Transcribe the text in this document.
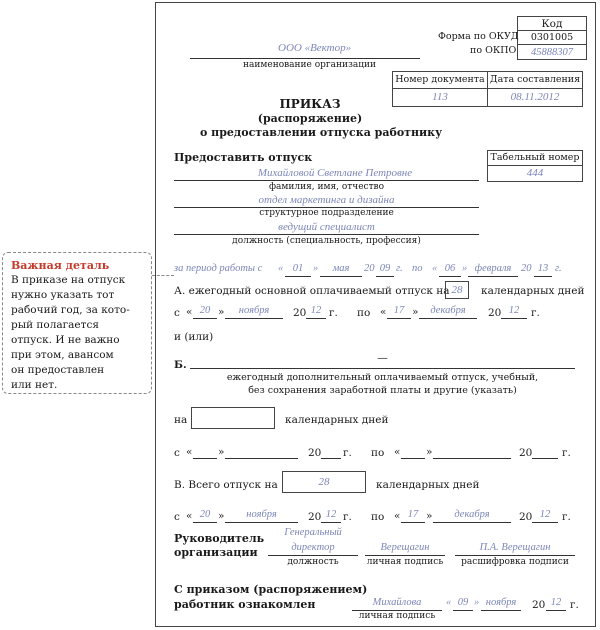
Важная деталь
В приказе на отпуск
нужно указать тот
рабочий год, за кото-
рый полагается
отпуск. И не важно
при этом, авансом
он предоставлен
или нет.
Код
0301005
45888307
Форма по ОКУД
по ОКПО
ООО «Вектор»
наименование организации
Номер документа Дата составления
113	08.11.2012
ПРИКАЗ
(распоряжение)
о предоставлении отпуска работнику
Предоставить отпуск	Табельный номер
444
Михайловой Светлане Петровне
фамилия, имя, отчество
отдел маркетинга и дизайна
структурное подразделение
ведущий специалист
должность (специальность, профессия)
за период работы с « 01 »	мая	20 09 г. по « 06 » февраля 20 13 г.
А. ежегодный основной оплачиваемый отпуск на 28	календарных дней
с « 20 »	ноября	20 12 г. по « 17 »	декабря	20 12	г.
и (или)
Б.
—
ежегодный дополнительный оплачиваемый отпуск, учебный,
без сохранения заработной платы и другие (указать)
на	календарных дней
с « »	20 г. по « »	20	г.
В. Всего отпуск на	28	календарных дней
с « 20 »	ноября	20 12 г. по « 17 »	декабря	20 12	г.
Руководитель
организации
Генеральный
директор
должность
Верещагин
личная подпись
П.А. Верещагин
расшифровка подписи
С приказом (распоряжением)
работник ознакомлен	Михайлова
личная подпись
« 09 » ноября	20 12 г.
